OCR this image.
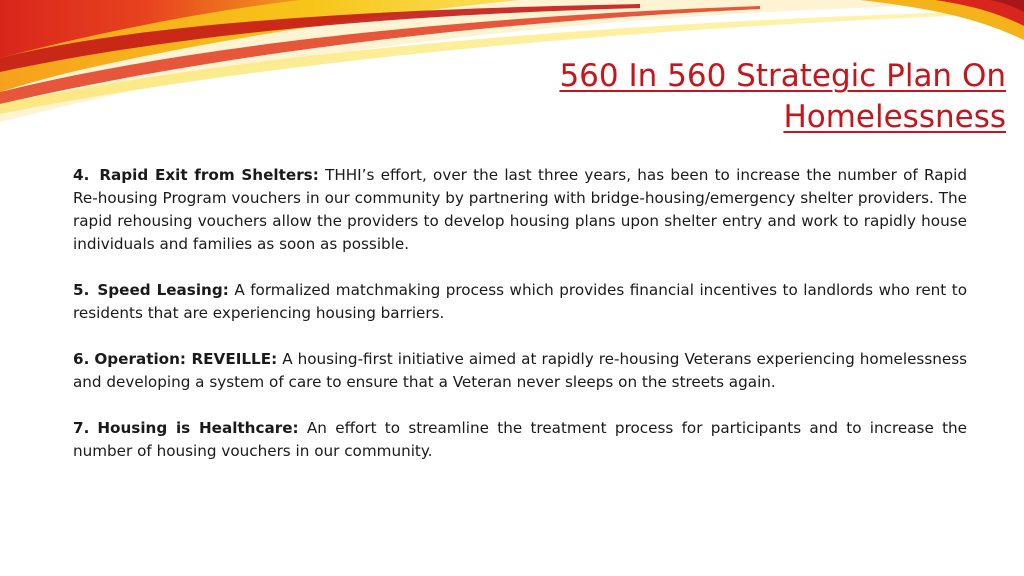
560 In 560 Strategic Plan On Homelessness
4. Rapid Exit from Shelters: THHI’s effort, over the last three years, has been to increase the number of Rapid Re-housing Program vouchers in our community by partnering with bridge-housing/emergency shelter providers. The rapid rehousing vouchers allow the providers to develop housing plans upon shelter entry and work to rapidly house individuals and families as soon as possible.
5. Speed Leasing: A formalized matchmaking process which provides financial incentives to landlords who rent to residents that are experiencing housing barriers.
6. Operation: REVEILLE: A housing-first initiative aimed at rapidly re-housing Veterans experiencing homelessness and developing a system of care to ensure that a Veteran never sleeps on the streets again.
7. Housing is Healthcare: An effort to streamline the treatment process for participants and to increase the number of housing vouchers in our community.
